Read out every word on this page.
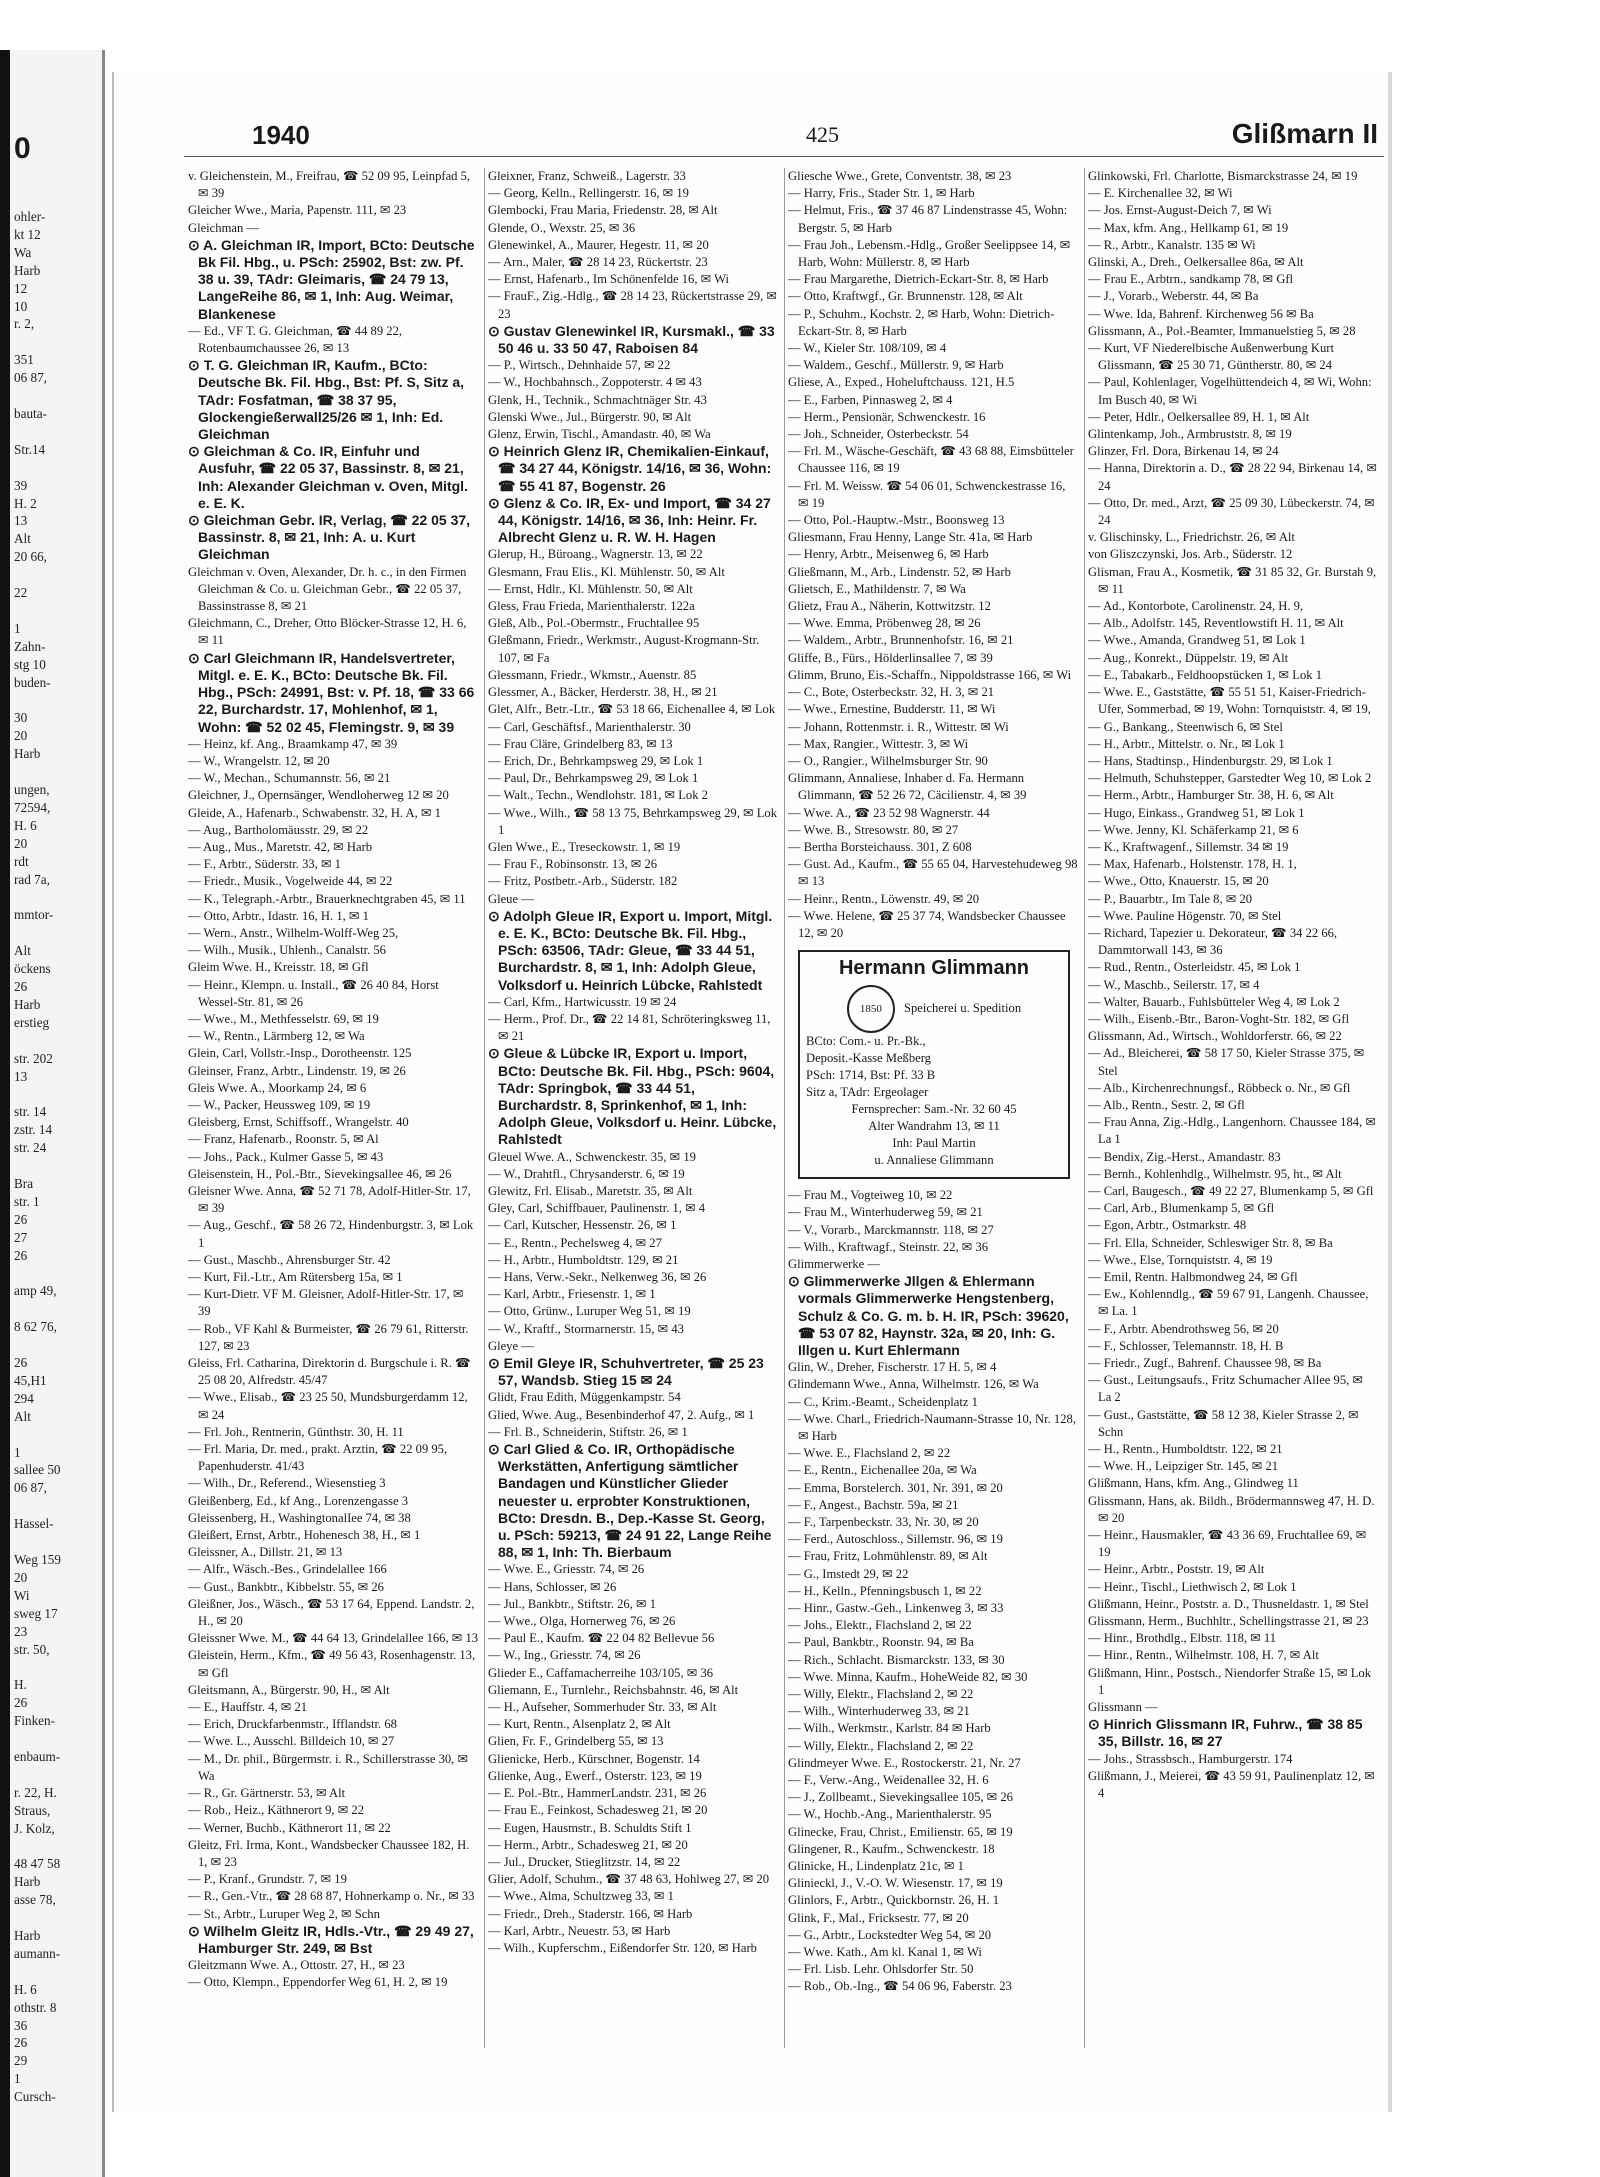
0
ohler-
kt 12
Wa
Harb
12
10
r. 2,

351
06 87,

bauta-

Str.14

39
H. 2
13
Alt
20 66,

22

1
Zahn-
stg 10
buden-

30
20
Harb

ungen,
72594,
H. 6
20
rdt
rad 7a,

mmtor-

Alt
öckens
26
Harb
erstieg

str. 202
13

str. 14
zstr. 14
str. 24

Bra
str. 1
26
27
26

amp 49,

8 62 76,

26
45,H1
294
Alt

1
sallee 50
06 87,

Hassel-

Weg 159
20
Wi
sweg 17
23
str. 50,

H.
26
Finken-

enbaum-

r. 22, H.
Straus,
J. Kolz,

48 47 58
Harb
asse 78,

Harb
aumann-

H. 6
othstr. 8
36
26
29
1
Cursch-
1940	425	Glißmarn II

v. Gleichenstein, M., Freifrau, ☎ 52 09 95, Leinpfad 5, ✉ 39

Gleicher Wwe., Maria, Papenstr. 111, ✉ 23

Gleichman —

⊙ A. Gleichman IR, Import, BCto: Deutsche Bk Fil. Hbg., u. PSch: 25902, Bst: zw. Pf. 38 u. 39, TAdr: Gleimaris, ☎ 24 79 13, LangeReihe 86, ✉ 1, Inh: Aug. Weimar, Blankenese

— Ed., VF T. G. Gleichman, ☎ 44 89 22, Rotenbaumchaussee 26, ✉ 13

⊙ T. G. Gleichman IR, Kaufm., BCto: Deutsche Bk. Fil. Hbg., Bst: Pf. S, Sitz a, TAdr: Fosfatman, ☎ 38 37 95, Glockengießerwall25/26 ✉ 1, Inh: Ed. Gleichman

⊙ Gleichman & Co. IR, Einfuhr und Ausfuhr, ☎ 22 05 37, Bassinstr. 8, ✉ 21, Inh: Alexander Gleichman v. Oven, Mitgl. e. E. K.

⊙ Gleichman Gebr. IR, Verlag, ☎ 22 05 37, Bassinstr. 8, ✉ 21, Inh: A. u. Kurt Gleichman

Gleichman v. Oven, Alexander, Dr. h. c., in den Firmen Gleichman & Co. u. Gleichman Gebr., ☎ 22 05 37, Bassinstrasse 8, ✉ 21

Gleichmann, C., Dreher, Otto Blöcker-Strasse 12, H. 6, ✉ 11

⊙ Carl Gleichmann IR, Handelsvertreter, Mitgl. e. E. K., BCto: Deutsche Bk. Fil. Hbg., PSch: 24991, Bst: v. Pf. 18, ☎ 33 66 22, Burchardstr. 17, Mohlenhof, ✉ 1, Wohn: ☎ 52 02 45, Flemingstr. 9, ✉ 39

— Heinz, kf. Ang., Braamkamp 47, ✉ 39

— W., Wrangelstr. 12, ✉ 20

— W., Mechan., Schumannstr. 56, ✉ 21

Gleichner, J., Opernsänger, Wendloherweg 12 ✉ 20

Gleide, A., Hafenarb., Schwabenstr. 32, H. A, ✉ 1

— Aug., Bartholomäusstr. 29, ✉ 22

— Aug., Mus., Maretstr. 42, ✉ Harb

— F., Arbtr., Süderstr. 33, ✉ 1

— Friedr., Musik., Vogelweide 44, ✉ 22

— K., Telegraph.-Arbtr., Brauerknechtgraben 45, ✉ 11

— Otto, Arbtr., Idastr. 16, H. 1, ✉ 1

— Wern., Anstr., Wilhelm-Wolff-Weg 25,

— Wilh., Musik., Uhlenh., Canalstr. 56

Gleim Wwe. H., Kreisstr. 18, ✉ Gfl

— Heinr., Klempn. u. Install., ☎ 26 40 84, Horst Wessel-Str. 81, ✉ 26

— Wwe., M., Methfesselstr. 69, ✉ 19

— W., Rentn., Lärmberg 12, ✉ Wa

Glein, Carl, Vollstr.-Insp., Dorotheenstr. 125

Gleinser, Franz, Arbtr., Lindenstr. 19, ✉ 26

Gleis Wwe. A., Moorkamp 24, ✉ 6

— W., Packer, Heussweg 109, ✉ 19

Gleisberg, Ernst, Schiffsoff., Wrangelstr. 40

— Franz, Hafenarb., Roonstr. 5, ✉ Al

— Johs., Pack., Kulmer Gasse 5, ✉ 43

Gleisenstein, H., Pol.-Btr., Sievekingsallee 46, ✉ 26

Gleisner Wwe. Anna, ☎ 52 71 78, Adolf-Hitler-Str. 17, ✉ 39

— Aug., Geschf., ☎ 58 26 72, Hindenburgstr. 3, ✉ Lok 1

— Gust., Maschb., Ahrensburger Str. 42

— Kurt, Fil.-Ltr., Am Rütersberg 15a, ✉ 1

— Kurt-Dietr. VF M. Gleisner, Adolf-Hitler-Str. 17, ✉ 39

— Rob., VF Kahl & Burmeister, ☎ 26 79 61, Ritterstr. 127, ✉ 23

Gleiss, Frl. Catharina, Direktorin d. Burgschule i. R. ☎ 25 08 20, Alfredstr. 45/47

— Wwe., Elisab., ☎ 23 25 50, Mundsburgerdamm 12, ✉ 24

— Frl. Joh., Rentnerin, Günthstr. 30, H. 11

— Frl. Maria, Dr. med., prakt. Arztin, ☎ 22 09 95, Papenhuderstr. 41/43

— Wilh., Dr., Referend., Wiesenstieg 3

Gleißenberg, Ed., kf Ang., Lorenzengasse 3

Gleissenberg, H., WashingtonalIee 74, ✉ 38

Gleißert, Ernst, Arbtr., Hohenesch 38, H., ✉ 1

Gleissner, A., Dillstr. 21, ✉ 13

— Alfr., Wäsch.-Bes., Grindelallee 166

— Gust., Bankbtr., Kibbelstr. 55, ✉ 26

Gleißner, Jos., Wäsch., ☎ 53 17 64, Eppend. Landstr. 2, H., ✉ 20

Gleissner Wwe. M., ☎ 44 64 13, Grindelallee 166, ✉ 13

Gleistein, Herm., Kfm., ☎ 49 56 43, Rosenhagenstr. 13, ✉ Gfl

Gleitsmann, A., Bürgerstr. 90, H., ✉ Alt

— E., Hauffstr. 4, ✉ 21

— Erich, Druckfarbenmstr., Ifflandstr. 68

— Wwe. L., Ausschl. Billdeich 10, ✉ 27

— M., Dr. phil., Bürgermstr. i. R., Schillerstrasse 30, ✉ Wa

— R., Gr. Gärtnerstr. 53, ✉ Alt

— Rob., Heiz., Käthnerort 9, ✉ 22

— Werner, Buchb., Käthnerort 11, ✉ 22

Gleitz, Frl. Irma, Kont., Wandsbecker Chaussee 182, H. 1, ✉ 23

— P., Kranf., Grundstr. 7, ✉ 19

— R., Gen.-Vtr., ☎ 28 68 87, Hohnerkamp o. Nr., ✉ 33

— St., Arbtr., Luruper Weg 2, ✉ Schn

⊙ Wilhelm Gleitz IR, Hdls.-Vtr., ☎ 29 49 27, Hamburger Str. 249, ✉ Bst

Gleitzmann Wwe. A., Ottostr. 27, H., ✉ 23

— Otto, Klempn., Eppendorfer Weg 61, H. 2, ✉ 19

Gleixner, Franz, Schweiß., Lagerstr. 33

— Georg, Kelln., Rellingerstr. 16, ✉ 19

Glembocki, Frau Maria, Friedenstr. 28, ✉ Alt

Glende, O., Wexstr. 25, ✉ 36

Glenewinkel, A., Maurer, Hegestr. 11, ✉ 20

— Arn., Maler, ☎ 28 14 23, Rückertstr. 23

— Ernst, Hafenarb., Im Schönenfelde 16, ✉ Wi

— FrauF., Zig.-Hdlg., ☎ 28 14 23, Rückertstrasse 29, ✉ 23

⊙ Gustav Glenewinkel IR, Kursmakl., ☎ 33 50 46 u. 33 50 47, Raboisen 84

— P., Wirtsch., Dehnhaide 57, ✉ 22

— W., Hochbahnsch., Zoppoterstr. 4 ✉ 43

Glenk, H., Technik., Schmachtnäger Str. 43

Glenski Wwe., Jul., Bürgerstr. 90, ✉ Alt

Glenz, Erwin, Tischl., Amandastr. 40, ✉ Wa

⊙ Heinrich Glenz IR, Chemikalien-Einkauf, ☎ 34 27 44, Königstr. 14/16, ✉ 36, Wohn: ☎ 55 41 87, Bogenstr. 26

⊙ Glenz & Co. IR, Ex- und Import, ☎ 34 27 44, Königstr. 14/16, ✉ 36, Inh: Heinr. Fr. Albrecht Glenz u. R. W. H. Hagen

Glerup, H., Büroang., Wagnerstr. 13, ✉ 22

Glesmann, Frau Elis., Kl. Mühlenstr. 50, ✉ Alt

— Ernst, Hdlr., Kl. Mühlenstr. 50, ✉ Alt

Gless, Frau Frieda, Marienthalerstr. 122a

Gleß, Alb., Pol.-Obermstr., Fruchtallee 95

Gleßmann, Friedr., Werkmstr., August-Krogmann-Str. 107, ✉ Fa

Glessmann, Friedr., Wkmstr., Auenstr. 85

Glessmer, A., Bäcker, Herderstr. 38, H., ✉ 21

Glet, Alfr., Betr.-Ltr., ☎ 53 18 66, Eichenallee 4, ✉ Lok

— Carl, Geschäftsf., Marienthalerstr. 30

— Frau Cläre, Grindelberg 83, ✉ 13

— Erich, Dr., Behrkampsweg 29, ✉ Lok 1

— Paul, Dr., Behrkampsweg 29, ✉ Lok 1

— Walt., Techn., Wendlohstr. 181, ✉ Lok 2

— Wwe., Wilh., ☎ 58 13 75, Behrkampsweg 29, ✉ Lok 1

Glen Wwe., E., Treseckowstr. 1, ✉ 19

— Frau F., Robinsonstr. 13, ✉ 26

— Fritz, Postbetr.-Arb., Süderstr. 182

Gleue —

⊙ Adolph Gleue IR, Export u. Import, Mitgl. e. E. K., BCto: Deutsche Bk. Fil. Hbg., PSch: 63506, TAdr: Gleue, ☎ 33 44 51, Burchardstr. 8, ✉ 1, Inh: Adolph Gleue, Volksdorf u. Heinrich Lübcke, Rahlstedt

— Carl, Kfm., Hartwicusstr. 19 ✉ 24

— Herm., Prof. Dr., ☎ 22 14 81, Schröteringksweg 11, ✉ 21

⊙ Gleue & Lübcke IR, Export u. Import, BCto: Deutsche Bk. Fil. Hbg., PSch: 9604, TAdr: Springbok, ☎ 33 44 51, Burchardstr. 8, Sprinkenhof, ✉ 1, Inh: Adolph Gleue, Volksdorf u. Heinr. Lübcke, Rahlstedt

Gleuel Wwe. A., Schwenckestr. 35, ✉ 19

— W., Drahtfl., Chrysanderstr. 6, ✉ 19

Glewitz, Frl. Elisab., Maretstr. 35, ✉ Alt

Gley, Carl, Schiffbauer, Paulinenstr. 1, ✉ 4

— Carl, Kutscher, Hessenstr. 26, ✉ 1

— E., Rentn., Pechelsweg 4, ✉ 27

— H., Arbtr., Humboldtstr. 129, ✉ 21

— Hans, Verw.-Sekr., Nelkenweg 36, ✉ 26

— Karl, Arbtr., Friesenstr. 1, ✉ 1

— Otto, Grünw., Luruper Weg 51, ✉ 19

— W., Kraftf., Stormarnerstr. 15, ✉ 43

Gleye —

⊙ Emil Gleye IR, Schuhvertreter, ☎ 25 23 57, Wandsb. Stieg 15 ✉ 24

Glidt, Frau Edith, Müggenkampstr. 54

Glied, Wwe. Aug., Besenbinderhof 47, 2. Aufg., ✉ 1

— Frl. B., Schneiderin, Stiftstr. 26, ✉ 1

⊙ Carl Glied & Co. IR, Orthopädische Werkstätten, Anfertigung sämtlicher Bandagen und Künstlicher Glieder neuester u. erprobter Konstruktionen, BCto: Dresdn. B., Dep.-Kasse St. Georg, u. PSch: 59213, ☎ 24 91 22, Lange Reihe 88, ✉ 1, Inh: Th. Bierbaum

— Wwe. E., Griesstr. 74, ✉ 26

— Hans, Schlosser, ✉ 26

— Jul., Bankbtr., Stiftstr. 26, ✉ 1

— Wwe., Olga, Hornerweg 76, ✉ 26

— Paul E., Kaufm. ☎ 22 04 82 Bellevue 56

— W., Ing., Griesstr. 74, ✉ 26

Glieder E., Caffamacherreihe 103/105, ✉ 36

Gliemann, E., Turnlehr., Reichsbahnstr. 46, ✉ Alt

— H., Aufseher, Sommerhuder Str. 33, ✉ Alt

— Kurt, Rentn., Alsenplatz 2, ✉ Alt

Glien, Fr. F., Grindelberg 55, ✉ 13

Glienicke, Herb., Kürschner, Bogenstr. 14

Glienke, Aug., Ewerf., Osterstr. 123, ✉ 19

— E. Pol.-Btr., HammerLandstr. 231, ✉ 26

— Frau E., Feinkost, Schadesweg 21, ✉ 20

— Eugen, Hausmstr., B. Schuldts Stift 1

— Herm., Arbtr., Schadesweg 21, ✉ 20

— Jul., Drucker, Stieglitzstr. 14, ✉ 22

Glier, Adolf, Schuhm., ☎ 37 48 63, Hohlweg 27, ✉ 20

— Wwe., Alma, Schultzweg 33, ✉ 1

— Friedr., Dreh., Staderstr. 166, ✉ Harb

— Karl, Arbtr., Neuestr. 53, ✉ Harb

— Wilh., Kupferschm., Eißendorfer Str. 120, ✉ Harb

Gliesche Wwe., Grete, Conventstr. 38, ✉ 23

— Harry, Fris., Stader Str. 1, ✉ Harb

— Helmut, Fris., ☎ 37 46 87 Lindenstrasse 45, Wohn: Bergstr. 5, ✉ Harb

— Frau Joh., Lebensm.-Hdlg., Großer Seelippsee 14, ✉ Harb, Wohn: Müllerstr. 8, ✉ Harb

— Frau Margarethe, Dietrich-Eckart-Str. 8, ✉ Harb

— Otto, Kraftwgf., Gr. Brunnenstr. 128, ✉ Alt

— P., Schuhm., Kochstr. 2, ✉ Harb, Wohn: Dietrich-Eckart-Str. 8, ✉ Harb

— W., Kieler Str. 108/109, ✉ 4

— Waldem., Geschf., Müllerstr. 9, ✉ Harb

Gliese, A., Exped., Hoheluftchauss. 121, H.5

— E., Farben, Pinnasweg 2, ✉ 4

— Herm., Pensionär, Schwenckestr. 16

— Joh., Schneider, Osterbeckstr. 54

— Frl. M., Wäsche-Geschäft, ☎ 43 68 88, Eimsbütteler Chaussee 116, ✉ 19

— Frl. M. Weissw. ☎ 54 06 01, Schwenckestrasse 16, ✉ 19

— Otto, Pol.-Hauptw.-Mstr., Boonsweg 13

Gliesmann, Frau Henny, Lange Str. 41a, ✉ Harb

— Henry, Arbtr., Meisenweg 6, ✉ Harb

Gließmann, M., Arb., Lindenstr. 52, ✉ Harb

Glietsch, E., Mathildenstr. 7, ✉ Wa

Glietz, Frau A., Näherin, Kottwitzstr. 12

— Wwe. Emma, Pröbenweg 28, ✉ 26

— Waldem., Arbtr., Brunnenhofstr. 16, ✉ 21

Gliffe, B., Fürs., Hölderlinsallee 7, ✉ 39

Glimm, Bruno, Eis.-Schaffn., Nippoldstrasse 166, ✉ Wi

— C., Bote, Osterbeckstr. 32, H. 3, ✉ 21

— Wwe., Ernestine, Budderstr. 11, ✉ Wi

— Johann, Rottenmstr. i. R., Wittestr. ✉ Wi

— Max, Rangier., Wittestr. 3, ✉ Wi

— O., Rangier., Wilhelmsburger Str. 90

Glimmann, Annaliese, Inhaber d. Fa. Hermann Glimmann, ☎ 52 26 72, Cäcilienstr. 4, ✉ 39

— Wwe. A., ☎ 23 52 98 Wagnerstr. 44

— Wwe. B., Stresowstr. 80, ✉ 27

— Bertha Borsteichauss. 301, Z 608

— Gust. Ad., Kaufm., ☎ 55 65 04, Harvestehudeweg 98 ✉ 13

— Heinr., Rentn., Löwenstr. 49, ✉ 20

— Wwe. Helene, ☎ 25 37 74, Wandsbecker Chaussee 12, ✉ 20

Hermann Glimmann
1850 Speicherei u. Spedition
BCto: Com.- u. Pr.-Bk.,
Deposit.-Kasse Meßberg
PSch: 1714, Bst: Pf. 33 B
Sitz a, TAdr: Ergeolager
Fernsprecher: Sam.-Nr. 32 60 45
Alter Wandrahm 13, ✉ 11
Inh: Paul Martin
u. Annaliese Glimmann

— Frau M., Vogteiweg 10, ✉ 22

— Frau M., Winterhuderweg 59, ✉ 21

— V., Vorarb., Marckmannstr. 118, ✉ 27

— Wilh., Kraftwagf., Steinstr. 22, ✉ 36

Glimmerwerke —

⊙ Glimmerwerke Jllgen & Ehlermann vormals Glimmerwerke Hengstenberg, Schulz & Co. G. m. b. H. IR, PSch: 39620, ☎ 53 07 82, Haynstr. 32a, ✉ 20, Inh: G. Illgen u. Kurt Ehlermann

Glin, W., Dreher, Fischerstr. 17 H. 5, ✉ 4

Glindemann Wwe., Anna, Wilhelmstr. 126, ✉ Wa

— C., Krim.-Beamt., Scheidenplatz 1

— Wwe. Charl., Friedrich-Naumann-Strasse 10, Nr. 128, ✉ Harb

— Wwe. E., Flachsland 2, ✉ 22

— E., Rentn., Eichenallee 20a, ✉ Wa

— Emma, Borstelerch. 301, Nr. 391, ✉ 20

— F., Angest., Bachstr. 59a, ✉ 21

— F., Tarpenbeckstr. 33, Nr. 30, ✉ 20

— Ferd., Autoschloss., Sillemstr. 96, ✉ 19

— Frau, Fritz, Lohmühlenstr. 89, ✉ Alt

— G., Imstedt 29, ✉ 22

— H., Kelln., Pfenningsbusch 1, ✉ 22

— Hinr., Gastw.-Geh., Linkenweg 3, ✉ 33

— Johs., Elektr., Flachsland 2, ✉ 22

— Paul, Bankbtr., Roonstr. 94, ✉ Ba

— Rich., Schlacht. Bismarckstr. 133, ✉ 30

— Wwe. Minna, Kaufm., HoheWeide 82, ✉ 30

— Willy, Elektr., Flachsland 2, ✉ 22

— Wilh., Winterhuderweg 33, ✉ 21

— Wilh., Werkmstr., Karlstr. 84 ✉ Harb

— Willy, Elektr., Flachsland 2, ✉ 22

Glindmeyer Wwe. E., Rostockerstr. 21, Nr. 27

— F., Verw.-Ang., Weidenallee 32, H. 6

— J., Zollbeamt., Sievekingsallee 105, ✉ 26

— W., Hochb.-Ang., Marienthalerstr. 95

Glinecke, Frau, Christ., Emilienstr. 65, ✉ 19

Glingener, R., Kaufm., Schwenckestr. 18

Glinicke, H., Lindenplatz 21c, ✉ 1

Glinieckl, J., V.-O. W. Wiesenstr. 17, ✉ 19

Glinlors, F., Arbtr., Quickbornstr. 26, H. 1

Glink, F., Mal., Fricksestr. 77, ✉ 20

— G., Arbtr., Lockstedter Weg 54, ✉ 20

— Wwe. Kath., Am kl. Kanal 1, ✉ Wi

— Frl. Lisb. Lehr. Ohlsdorfer Str. 50

— Rob., Ob.-Ing., ☎ 54 06 96, Faberstr. 23

Glinkowski, Frl. Charlotte, Bismarckstrasse 24, ✉ 19

— E. Kirchenallee 32, ✉ Wi

— Jos. Ernst-August-Deich 7, ✉ Wi

— Max, kfm. Ang., Hellkamp 61, ✉ 19

— R., Arbtr., Kanalstr. 135 ✉ Wi

Glinski, A., Dreh., Oelkersallee 86a, ✉ Alt

— Frau E., Arbtrn., sandkamp 78, ✉ Gfl

— J., Vorarb., Weberstr. 44, ✉ Ba

— Wwe. Ida, Bahrenf. Kirchenweg 56 ✉ Ba

Glissmann, A., Pol.-Beamter, Immanuelstieg 5, ✉ 28

— Kurt, VF Niederelbische Außenwerbung Kurt Glissmann, ☎ 25 30 71, Güntherstr. 80, ✉ 24

— Paul, Kohlenlager, Vogelhüttendeich 4, ✉ Wi, Wohn: Im Busch 40, ✉ Wi

— Peter, Hdlr., Oelkersallee 89, H. 1, ✉ Alt

Glintenkamp, Joh., Armbruststr. 8, ✉ 19

Glinzer, Frl. Dora, Birkenau 14, ✉ 24

— Hanna, Direktorin a. D., ☎ 28 22 94, Birkenau 14, ✉ 24

— Otto, Dr. med., Arzt, ☎ 25 09 30, Lübeckerstr. 74, ✉ 24

v. Glischinsky, L., Friedrichstr. 26, ✉ Alt

von Gliszczynski, Jos. Arb., Süderstr. 12

Glisman, Frau A., Kosmetik, ☎ 31 85 32, Gr. Burstah 9, ✉ 11

— Ad., Kontorbote, Carolinenstr. 24, H. 9,

— Alb., Adolfstr. 145, Reventlowstift H. 11, ✉ Alt

— Wwe., Amanda, Grandweg 51, ✉ Lok 1

— Aug., Konrekt., Düppelstr. 19, ✉ Alt

— E., Tabakarb., Feldhoopstücken 1, ✉ Lok 1

— Wwe. E., Gaststätte, ☎ 55 51 51, Kaiser-Friedrich-Ufer, Sommerbad, ✉ 19, Wohn: Tornquiststr. 4, ✉ 19,

— G., Bankang., Steenwisch 6, ✉ Stel

— H., Arbtr., Mittelstr. o. Nr., ✉ Lok 1

— Hans, Stadtinsp., Hindenburgstr. 29, ✉ Lok 1

— Helmuth, Schuhstepper, Garstedter Weg 10, ✉ Lok 2

— Herm., Arbtr., Hamburger Str. 38, H. 6, ✉ Alt

— Hugo, Einkass., Grandweg 51, ✉ Lok 1

— Wwe. Jenny, Kl. Schäferkamp 21, ✉ 6

— K., Kraftwagenf., Sillemstr. 34 ✉ 19

— Max, Hafenarb., Holstenstr. 178, H. 1,

— Wwe., Otto, Knauerstr. 15, ✉ 20

— P., Bauarbtr., Im Tale 8, ✉ 20

— Wwe. Pauline Högenstr. 70, ✉ Stel

— Richard, Tapezier u. Dekorateur, ☎ 34 22 66, Dammtorwall 143, ✉ 36

— Rud., Rentn., Osterleidstr. 45, ✉ Lok 1

— W., Maschb., Seilerstr. 17, ✉ 4

— Walter, Bauarb., Fuhlsbütteler Weg 4, ✉ Lok 2

— Wilh., Eisenb.-Btr., Baron-Voght-Str. 182, ✉ Gfl

Glissmann, Ad., Wirtsch., Wohldorferstr. 66, ✉ 22

— Ad., Bleicherei, ☎ 58 17 50, Kieler Strasse 375, ✉ Stel

— Alb., Kirchenrechnungsf., Röbbeck o. Nr., ✉ Gfl

— Alb., Rentn., Sestr. 2, ✉ Gfl

— Frau Anna, Zig.-Hdlg., Langenhorn. Chaussee 184, ✉ La 1

— Bendix, Zig.-Herst., Amandastr. 83

— Bernh., Kohlenhdlg., Wilhelmstr. 95, ht., ✉ Alt

— Carl, Baugesch., ☎ 49 22 27, Blumenkamp 5, ✉ Gfl

— Carl, Arb., Blumenkamp 5, ✉ Gfl

— Egon, Arbtr., Ostmarkstr. 48

— Frl. Ella, Schneider, Schleswiger Str. 8, ✉ Ba

— Wwe., Else, Tornquiststr. 4, ✉ 19

— Emil, Rentn. Halbmondweg 24, ✉ Gfl

— Ew., Kohlenndlg., ☎ 59 67 91, Langenh. Chaussee, ✉ La. 1

— F., Arbtr. Abendrothsweg 56, ✉ 20

— F., Schlosser, Telemannstr. 18, H. B

— Friedr., Zugf., Bahrenf. Chaussee 98, ✉ Ba

— Gust., Leitungsaufs., Fritz Schumacher Allee 95, ✉ La 2

— Gust., Gaststätte, ☎ 58 12 38, Kieler Strasse 2, ✉ Schn

— H., Rentn., Humboldtstr. 122, ✉ 21

— Wwe. H., Leipziger Str. 145, ✉ 21

Glißmann, Hans, kfm. Ang., Glindweg 11

Glissmann, Hans, ak. Bildh., Brödermannsweg 47, H. D. ✉ 20

— Heinr., Hausmakler, ☎ 43 36 69, Fruchtallee 69, ✉ 19

— Heinr., Arbtr., Poststr. 19, ✉ Alt

— Heinr., Tischl., Liethwisch 2, ✉ Lok 1

Glißmann, Heinr., Poststr. a. D., Thusneldastr. 1, ✉ Stel

Glissmann, Herm., Buchhltr., Schellingstrasse 21, ✉ 23

— Hinr., Brothdlg., Elbstr. 118, ✉ 11

— Hinr., Rentn., Wilhelmstr. 108, H. 7, ✉ Alt

Glißmann, Hinr., Postsch., Niendorfer Straße 15, ✉ Lok 1

Glissmann —

⊙ Hinrich Glissmann IR, Fuhrw., ☎ 38 85 35, Billstr. 16, ✉ 27

— Johs., Strassbsch., Hamburgerstr. 174

Glißmann, J., Meierei, ☎ 43 59 91, Paulinenplatz 12, ✉ 4
